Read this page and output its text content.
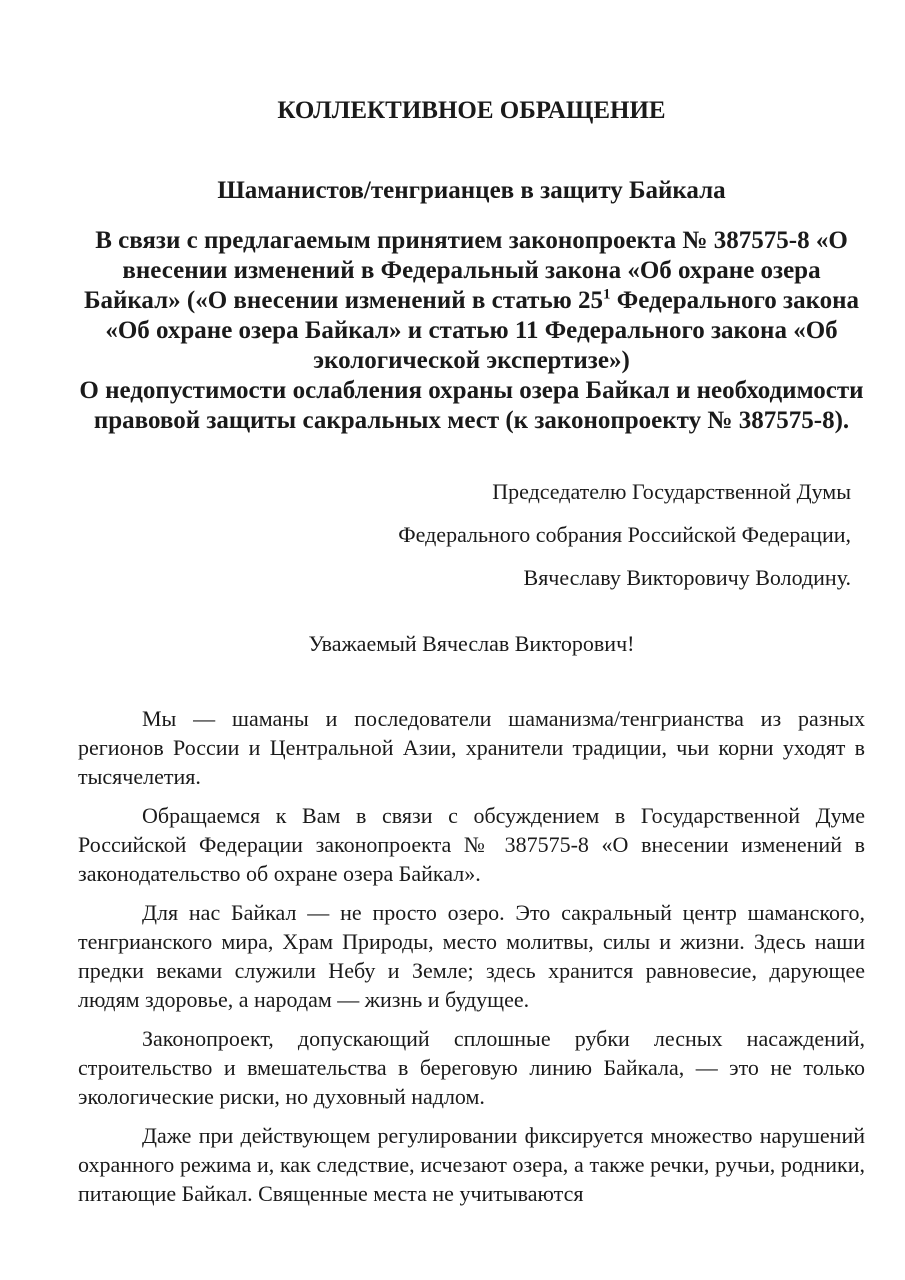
КОЛЛЕКТИВНОЕ ОБРАЩЕНИЕ
Шаманистов/тенгрианцев в защиту Байкала

В связи с предлагаемым принятием законопроекта № 387575-8 «О внесении изменений в Федеральный закона «Об охране озера Байкал» («О внесении изменений в статью $25^1$ Федерального закона «Об охране озера Байкал» и статью 11 Федерального закона «Об экологической экспертизе»)

О недопустимости ослабления охраны озера Байкал и необходимости правовой защиты сакральных мест (к законопроекту № 387575-8).

Председателю Государственной Думы
Федерального собрания Российской Федерации,
Вячеславу Викторовичу Володину.
Уважаемый Вячеслав Викторович!

Мы — шаманы и последователи шаманизма/тенгрианства из разных регионов России и Центральной Азии, хранители традиции, чьи корни уходят в тысячелетия.

Обращаемся к Вам в связи с обсуждением в Государственной Думе Российской Федерации законопроекта № 387575-8 «О внесении изменений в законодательство об охране озера Байкал».

Для нас Байкал — не просто озеро. Это сакральный центр шаманского, тенгрианского мира, Храм Природы, место молитвы, силы и жизни. Здесь наши предки веками служили Небу и Земле; здесь хранится равновесие, дарующее людям здоровье, а народам — жизнь и будущее.

Законопроект, допускающий сплошные рубки лесных насаждений, строительство и вмешательства в береговую линию Байкала, — это не только экологические риски, но духовный надлом.

Даже при действующем регулировании фиксируется множество нарушений охранного режима и, как следствие, исчезают озера, а также речки, ручьи, родники, питающие Байкал. Священные места не учитываются
